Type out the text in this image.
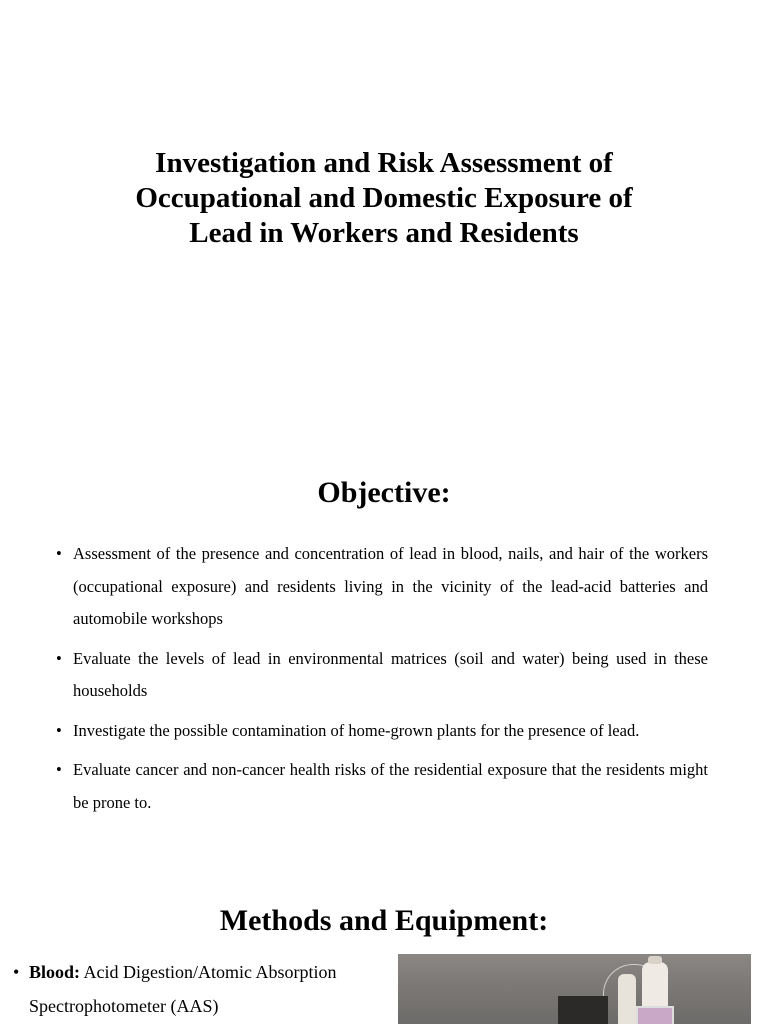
Investigation and Risk Assessment of
Occupational and Domestic Exposure of
Lead in Workers and Residents
Objective:
• Assessment of the presence and concentration of lead in blood, nails, and hair of the workers (occupational exposure) and residents living in the vicinity of the lead-acid batteries and automobile workshops
• Evaluate the levels of lead in environmental matrices (soil and water) being used in these households
• Investigate the possible contamination of home-grown plants for the presence of lead.
• Evaluate cancer and non-cancer health risks of the residential exposure that the residents might be prone to.
Methods and Equipment:
• Blood: Acid Digestion/Atomic Absorption Spectrophotometer (AAS)
